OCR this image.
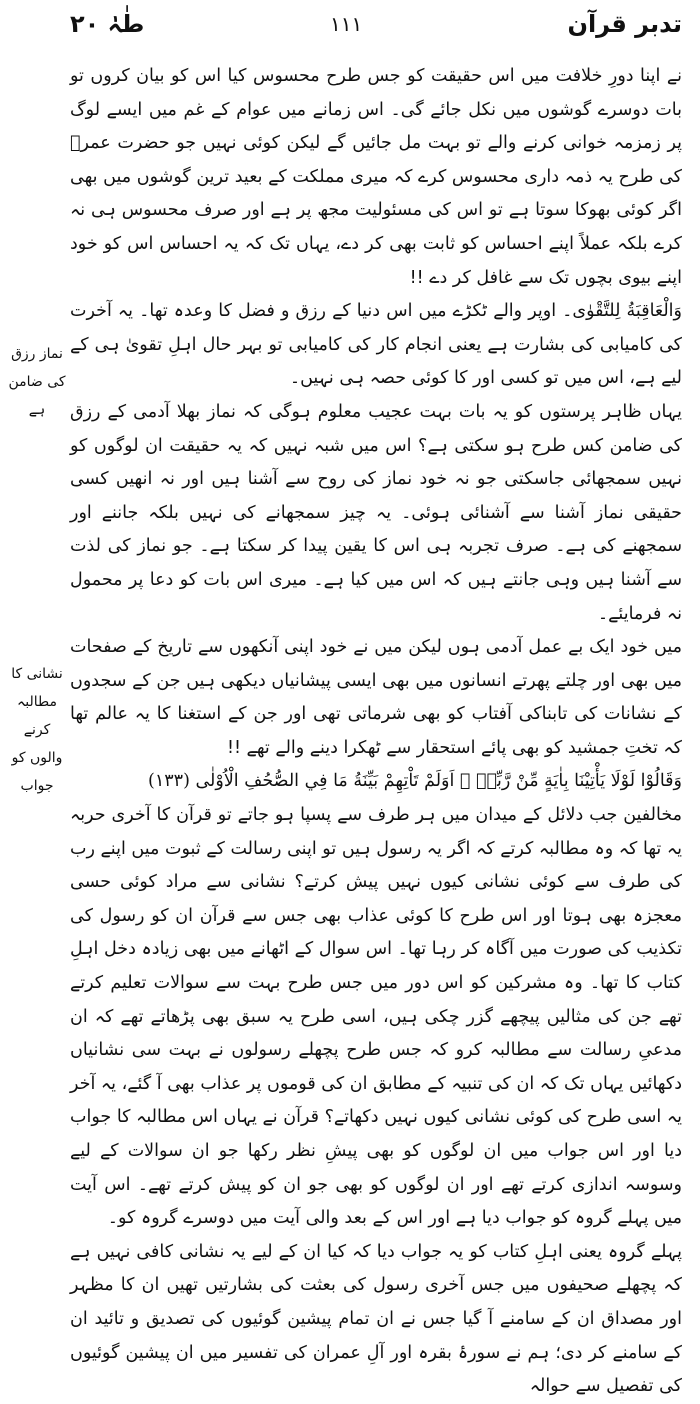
تدبر قرآن
۱۱۱
طٰہٰ ۲۰

نے اپنا دورِ خلافت میں اس حقیقت کو جس طرح محسوس کیا اس کو بیان کروں تو بات دوسرے گوشوں میں نکل جائے گی۔ اس زمانے میں عوام کے غم میں ایسے لوگ پر زمزمہ خوانی کرنے والے تو بہت مل جائیں گے لیکن کوئی نہیں جو حضرت عمرؓ کی طرح یہ ذمہ داری محسوس کرے کہ میری مملکت کے بعید ترین گوشوں میں بھی اگر کوئی بھوکا سوتا ہے تو اس کی مسئولیت مجھ پر ہے اور صرف محسوس ہی نہ کرے بلکہ عملاً اپنے احساس کو ثابت بھی کر دے، یہاں تک کہ یہ احساس اس کو خود اپنے بیوی بچوں تک سے غافل کر دے !!

وَالْعَاقِبَةُ لِلتَّقْوٰى۔ اوپر والے ٹکڑے میں اس دنیا کے رزق و فضل کا وعدہ تھا۔ یہ آخرت کی کامیابی کی بشارت ہے یعنی انجام کار کی کامیابی تو بہر حال اہلِ تقویٰ ہی کے لیے ہے، اس میں تو کسی اور کا کوئی حصہ ہی نہیں۔

یہاں ظاہر پرستوں کو یہ بات بہت عجیب معلوم ہوگی کہ نماز بھلا آدمی کے رزق کی ضامن کس طرح ہو سکتی ہے؟ اس میں شبہ نہیں کہ یہ حقیقت ان لوگوں کو نہیں سمجھائی جاسکتی جو نہ خود نماز کی روح سے آشنا ہیں اور نہ انھیں کسی حقیقی نماز آشنا سے آشنائی ہوئی۔ یہ چیز سمجھانے کی نہیں بلکہ جاننے اور سمجھنے کی ہے۔ صرف تجربہ ہی اس کا یقین پیدا کر سکتا ہے۔ جو نماز کی لذت سے آشنا ہیں وہی جانتے ہیں کہ اس میں کیا ہے۔ میری اس بات کو دعا پر محمول نہ فرمایئے۔

میں خود ایک بے عمل آدمی ہوں لیکن میں نے خود اپنی آنکھوں سے تاریخ کے صفحات میں بھی اور چلتے پھرتے انسانوں میں بھی ایسی پیشانیاں دیکھی ہیں جن کے سجدوں کے نشانات کی تابناکی آفتاب کو بھی شرماتی تھی اور جن کے استغنا کا یہ عالم تھا کہ تختِ جمشید کو بھی پائے استحقار سے ٹھکرا دینے والے تھے !!

وَقَالُوْا لَوْلَا يَأْتِيْنَا بِاٰيَةٍ مِّنْ رَّبِّهٖ ۭ اَوَلَمْ تَاْتِهِمْ بَيِّنَةُ مَا فِي الصُّحُفِ الْاُوْلٰى (۱۳۳)

مخالفین جب دلائل کے میدان میں ہر طرف سے پسپا ہو جاتے تو قرآن کا آخری حربہ یہ تھا کہ وہ مطالبہ کرتے کہ اگر یہ رسول ہیں تو اپنی رسالت کے ثبوت میں اپنے رب کی طرف سے کوئی نشانی کیوں نہیں پیش کرتے؟ نشانی سے مراد کوئی حسی معجزہ بھی ہوتا اور اس طرح کا کوئی عذاب بھی جس سے قرآن ان کو رسول کی تکذیب کی صورت میں آگاہ کر رہا تھا۔ اس سوال کے اٹھانے میں بھی زیادہ دخل اہلِ کتاب کا تھا۔ وہ مشرکین کو اس دور میں جس طرح بہت سے سوالات تعلیم کرتے تھے جن کی مثالیں پیچھے گزر چکی ہیں، اسی طرح یہ سبق بھی پڑھاتے تھے کہ ان مدعیِ رسالت سے مطالبہ کرو کہ جس طرح پچھلے رسولوں نے بہت سی نشانیاں دکھائیں یہاں تک کہ ان کی تنبیہ کے مطابق ان کی قوموں پر عذاب بھی آ گئے، یہ آخر یہ اسی طرح کی کوئی نشانی کیوں نہیں دکھاتے؟ قرآن نے یہاں اس مطالبہ کا جواب دیا اور اس جواب میں ان لوگوں کو بھی پیشِ نظر رکھا جو ان سوالات کے لیے وسوسہ اندازی کرتے تھے اور ان لوگوں کو بھی جو ان کو پیش کرتے تھے۔ اس آیت میں پہلے گروہ کو جواب دیا ہے اور اس کے بعد والی آیت میں دوسرے گروہ کو۔

پہلے گروہ یعنی اہلِ کتاب کو یہ جواب دیا کہ کیا ان کے لیے یہ نشانی کافی نہیں ہے کہ پچھلے صحیفوں میں جس آخری رسول کی بعثت کی بشارتیں تھیں ان کا مظہر اور مصداق ان کے سامنے آ گیا جس نے ان تمام پیشین گوئیوں کی تصدیق و تائید ان کے سامنے کر دی؛ ہم نے سورۂ بقرہ اور آلِ عمران کی تفسیر میں ان پیشین گوئیوں کی تفصیل سے حوالہ

نماز رزق کی ضامن ہے
نشانی کا مطالبہ کرنے والوں کو جواب
